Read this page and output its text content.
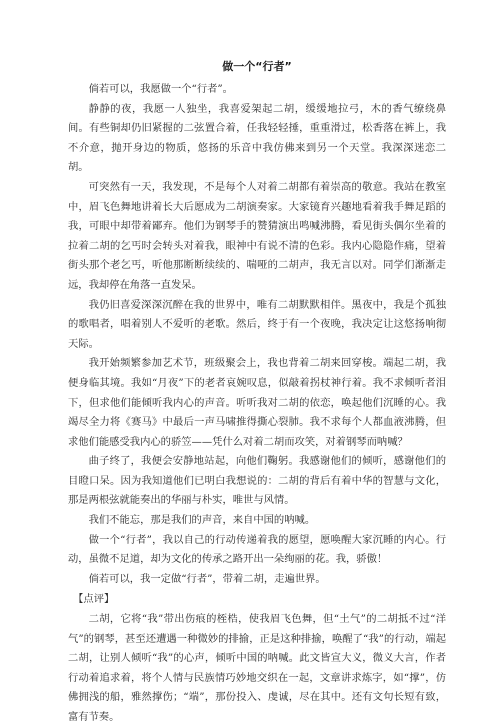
做一个“行者”

倘若可以，我愿做一个“行者”。

静静的夜，我愿一人独坐，我喜爱架起二胡，缓缓地拉弓，木的香气缭绕鼻间。有些铜却仍旧紧握的二弦置合着，任我轻轻捶，重重滑过，松香落在裤上，我不介意，抛开身边的物质，悠扬的乐音中我仿佛来到另一个天堂。我深深迷恋二胡。

可突然有一天，我发现，不是每个人对着二胡都有着崇高的敬意。我站在教室中，眉飞色舞地讲着长大后愿成为二胡演奏家。大家镜育兴趣地看着我手舞足蹈的我，可眼中却带着鄙弃。他们为钢琴手的赞猜演出鸣喊沸腾，看见街头偶尔坐着的拉着二胡的乞丐时会转头对着我，眼神中有说不清的色彩。我内心隐隐作痛，望着街头那个老乞丐，听他那断断续续的、喘哑的二胡声，我无言以对。同学们渐渐走远，我却停在角落一直发呆。

我仍旧喜爱深深沉醉在我的世界中，唯有二胡默默相伴。黑夜中，我是个孤独的歌唱者，唱着别人不爱听的老歌。然后，终于有一个夜晚，我决定让这悠扬响彻天际。

我开始频繁参加艺术节，班级聚会上，我也背着二胡来回穿梭。端起二胡，我便身临其境。我如“月夜”下的老者哀婉叹息，似敲着拐杖神行着。我不求倾听者泪下，但求他们能倾听我内心的声音。听听我对二胡的依恋，唤起他们沉睡的心。我竭尽全力将《赛马》中最后一声马啸推得撕心裂肺。我不求每个人都血液沸腾，但求他们能感受我内心的骄笠——凭什么对着二胡而攻笑，对着钢琴而呐喊？

曲子终了，我便会安静地站起，向他们鞠躬。我感谢他们的倾听，感谢他们的目瞪口呆。因为我知道他们已明白我想说的：二胡的背后有着中华的智慧与文化，那是两根弦就能奏出的华丽与朴实，唯世与风情。

我们不能忘，那是我们的声音，来自中国的呐喊。

做一个“行者”，我以自己的行动传递着我的愿望，愿唤醒大家沉睡的内心。行动，虽微不足道，却为文化的传承之路开出一朵绚丽的花。我，骄傲！

倘若可以，我一定做“行者”，带着二胡，走遍世界。

【点评】

二胡，它将“我”带出伤痕的桎梏，使我眉飞色舞，但“土气”的二胡抵不过“洋气”的钢琴，甚至还遭遇一种微妙的排揄，正是这种排揄，唤醒了“我”的行动，端起二胡，让别人倾听“我”的心声，倾听中国的呐喊。此文皆宣大义，微义大言，作者行动着追求着，将个人情与民族情巧妙地交织在一起，文章讲求炼字，如“撑”，仿佛拥浅的船，雅然撑伤；“端”，那份投入、虔诚，尽在其中。还有文句长短有致，富有节奏。
